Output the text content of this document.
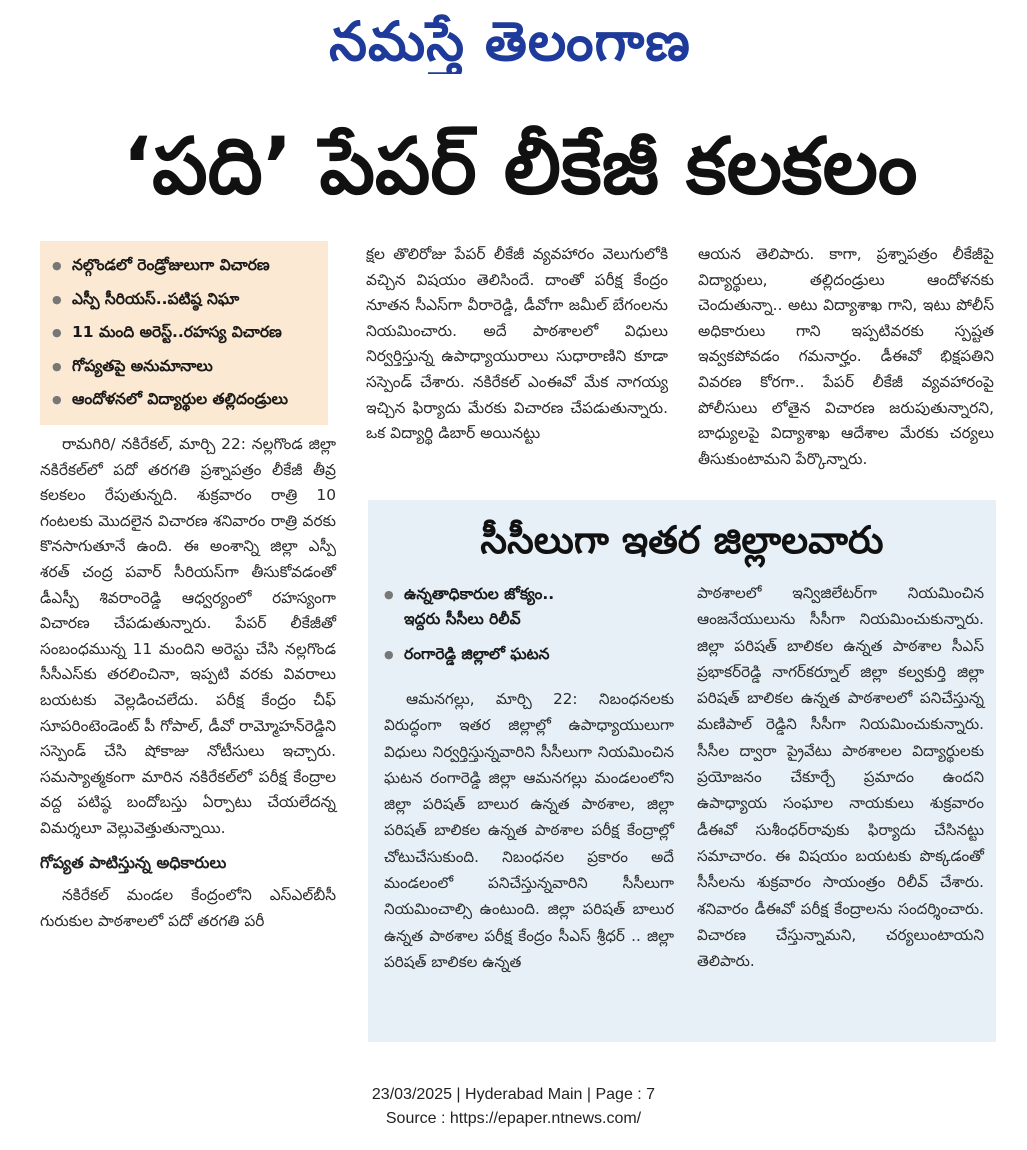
నమస్తే తెలంగాణ
‘పది’ పేపర్ లీకేజీ కలకలం
● నల్గొండలో రెండ్రోజులుగా విచారణ
● ఎస్పీ సీరియస్..పటిష్ఠ నిఘా
● 11 మంది అరెస్ట్..రహస్య విచారణ
● గోప్యతపై అనుమానాలు
● ఆందోళనలో విద్యార్థుల తల్లిదండ్రులు

రామగిరి/ నకిరేకల్, మార్చి 22: నల్లగొండ జిల్లా నకిరేకల్‌లో పదో తరగతి ప్రశ్నాపత్రం లీకేజీ తీవ్ర కలకలం రేపుతున్నది. శుక్రవారం రాత్రి 10 గంటలకు మొదలైన విచారణ శనివారం రాత్రి వరకు కొనసాగుతూనే ఉంది. ఈ అంశాన్ని జిల్లా ఎస్పీ శరత్ చంద్ర పవార్ సీరియస్‌గా తీసుకోవడంతో డీఎస్పీ శివరాంరెడ్డి ఆధ్వర్యంలో రహస్యంగా విచారణ చేపడుతున్నారు. పేపర్ లీకేజీతో సంబంధమున్న 11 మందిని అరెస్టు చేసి నల్లగొండ సీసీఎస్‌కు తరలించినా, ఇప్పటి వరకు వివరాలు బయటకు వెల్లడించలేదు. పరీక్ష కేంద్రం చీఫ్ సూపరింటెండెంట్ పీ గోపాల్, డీవో రామ్మోహన్‌రెడ్డిని సస్పెండ్ చేసి షోకాజు నోటీసులు ఇచ్చారు. సమస్యాత్మకంగా మారిన నకిరేకల్‌లో పరీక్ష కేంద్రాల వద్ద పటిష్ఠ బందోబస్తు ఏర్పాటు చేయలేదన్న విమర్శలూ వెల్లువెత్తుతున్నాయి.

గోప్యత పాటిస్తున్న అధికారులు

నకిరేకల్ మండల కేంద్రంలోని ఎస్‌ఎల్‌బీసీ గురుకుల పాఠశాలలో పదో తరగతి పరీ

క్షల తొలిరోజు పేపర్ లీకేజీ వ్యవహారం వెలుగులోకి వచ్చిన విషయం తెలిసిందే. దాంతో పరీక్ష కేంద్రం నూతన సీఎస్‌గా వీరారెడ్డి, డీవోగా జమీల్ బేగంలను నియమించారు. అదే పాఠశాలలో విధులు నిర్వర్తిస్తున్న ఉపాధ్యాయురాలు సుధారాణిని కూడా సస్పెండ్ చేశారు. నకిరేకల్ ఎంఈవో మేక నాగయ్య ఇచ్చిన ఫిర్యాదు మేరకు విచారణ చేపడుతున్నారు. ఒక విద్యార్థి డిబార్ అయినట్టు

ఆయన తెలిపారు. కాగా, ప్రశ్నాపత్రం లీకేజీపై విద్యార్థులు, తల్లిదండ్రులు ఆందోళనకు చెందుతున్నా.. అటు విద్యాశాఖ గాని, ఇటు పోలీస్ అధికారులు గాని ఇప్పటివరకు స్పష్టత ఇవ్వకపోవడం గమనార్హం. డీఈవో భిక్షపతిని వివరణ కోరగా.. పేపర్ లీకేజీ వ్యవహారంపై పోలీసులు లోతైన విచారణ జరుపుతున్నారని, బాధ్యులపై విద్యాశాఖ ఆదేశాల మేరకు చర్యలు తీసుకుంటామని పేర్కొన్నారు.

సీసీలుగా ఇతర జిల్లాలవారు
● ఉన్నతాధికారుల జోక్యం..
ఇద్దరు సీసీలు రిలీవ్
● రంగారెడ్డి జిల్లాలో ఘటన

ఆమనగల్లు, మార్చి 22: నిబంధనలకు విరుద్ధంగా ఇతర జిల్లాల్లో ఉపాధ్యాయులుగా విధులు నిర్వర్తిస్తున్నవారిని సీసీలుగా నియమించిన ఘటన రంగారెడ్డి జిల్లా ఆమనగల్లు మండలంలోని జిల్లా పరిషత్ బాలుర ఉన్నత పాఠశాల, జిల్లా పరిషత్ బాలికల ఉన్నత పాఠశాల పరీక్ష కేంద్రాల్లో చోటుచేసుకుంది. నిబంధనల ప్రకారం అదే మండలంలో పనిచేస్తున్నవారిని సీసీలుగా నియమించాల్సి ఉంటుంది. జిల్లా పరిషత్ బాలుర ఉన్నత పాఠశాల పరీక్ష కేంద్రం సీఎస్ శ్రీధర్ .. జిల్లా పరిషత్ బాలికల ఉన్నత

పాఠశాలలో ఇన్విజిలేటర్‌గా నియమించిన ఆంజనేయులును సీసీగా నియమించుకున్నారు. జిల్లా పరిషత్ బాలికల ఉన్నత పాఠశాల సీఎస్ ప్రభాకర్‌రెడ్డి నాగర్‌కర్నూల్ జిల్లా కల్వకుర్తి జిల్లా పరిషత్ బాలికల ఉన్నత పాఠశాలలో పనిచేస్తున్న మణిపాల్ రెడ్డిని సీసీగా నియమించుకున్నారు. సీసీల ద్వారా ప్రైవేటు పాఠశాలల విద్యార్థులకు ప్రయోజనం చేకూర్చే ప్రమాదం ఉందని ఉపాధ్యాయ సంఘాల నాయకులు శుక్రవారం డీఈవో సుశీంధర్‌రావుకు ఫిర్యాదు చేసినట్టు సమాచారం. ఈ విషయం బయటకు పొక్కడంతో సీసీలను శుక్రవారం సాయంత్రం రిలీవ్ చేశారు. శనివారం డీఈవో పరీక్ష కేంద్రాలను సందర్శించారు. విచారణ చేస్తున్నామని, చర్యలుంటాయని తెలిపారు.

23/03/2025 | Hyderabad Main | Page : 7
Source : https://epaper.ntnews.com/
